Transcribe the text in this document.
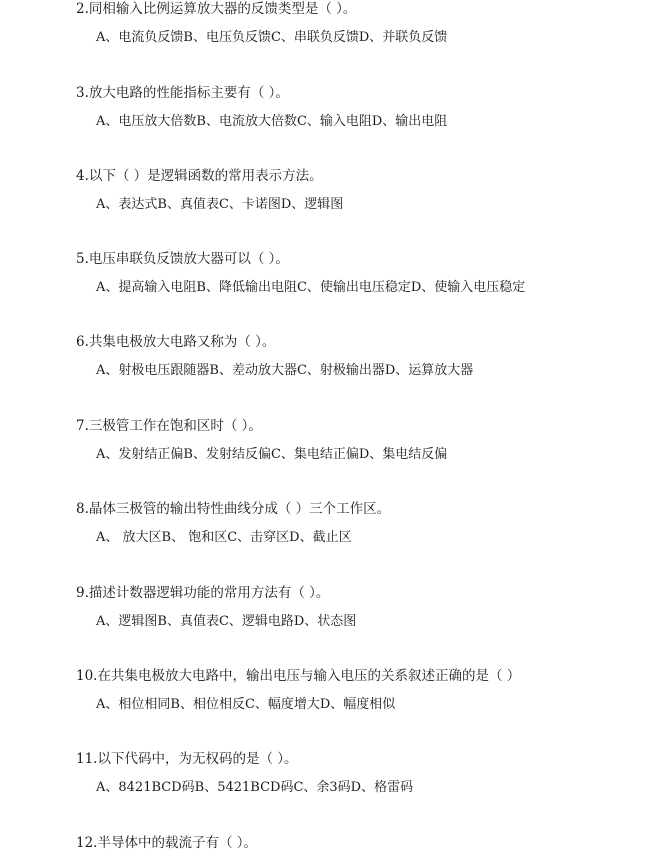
2.同相输入比例运算放大器的反馈类型是（ ）。
A、电流负反馈B、电压负反馈C、串联负反馈D、并联负反馈
3.放大电路的性能指标主要有（ ）。
A、电压放大倍数B、电流放大倍数C、输入电阻D、输出电阻
4.以下（ ）是逻辑函数的常用表示方法。
A、表达式B、真值表C、卡诺图D、逻辑图
5.电压串联负反馈放大器可以（ ）。
A、提高输入电阻B、降低输出电阻C、使输出电压稳定D、使输入电压稳定
6.共集电极放大电路又称为（ ）。
A、射极电压跟随器B、差动放大器C、射极输出器D、运算放大器
7.三极管工作在饱和区时（ ）。
A、发射结正偏B、发射结反偏C、集电结正偏D、集电结反偏
8.晶体三极管的输出特性曲线分成（ ）三个工作区。
A、 放大区B、 饱和区C、击穿区D、截止区
9.描述计数器逻辑功能的常用方法有（ ）。
A、逻辑图B、真值表C、逻辑电路D、状态图
10.在共集电极放大电路中，输出电压与输入电压的关系叙述正确的是（ ）
A、相位相同B、相位相反C、幅度增大D、幅度相似
11.以下代码中，为无权码的是（ ）。
A、8421BCD码B、5421BCD码C、余3码D、格雷码
12.半导体中的载流子有（ ）。
